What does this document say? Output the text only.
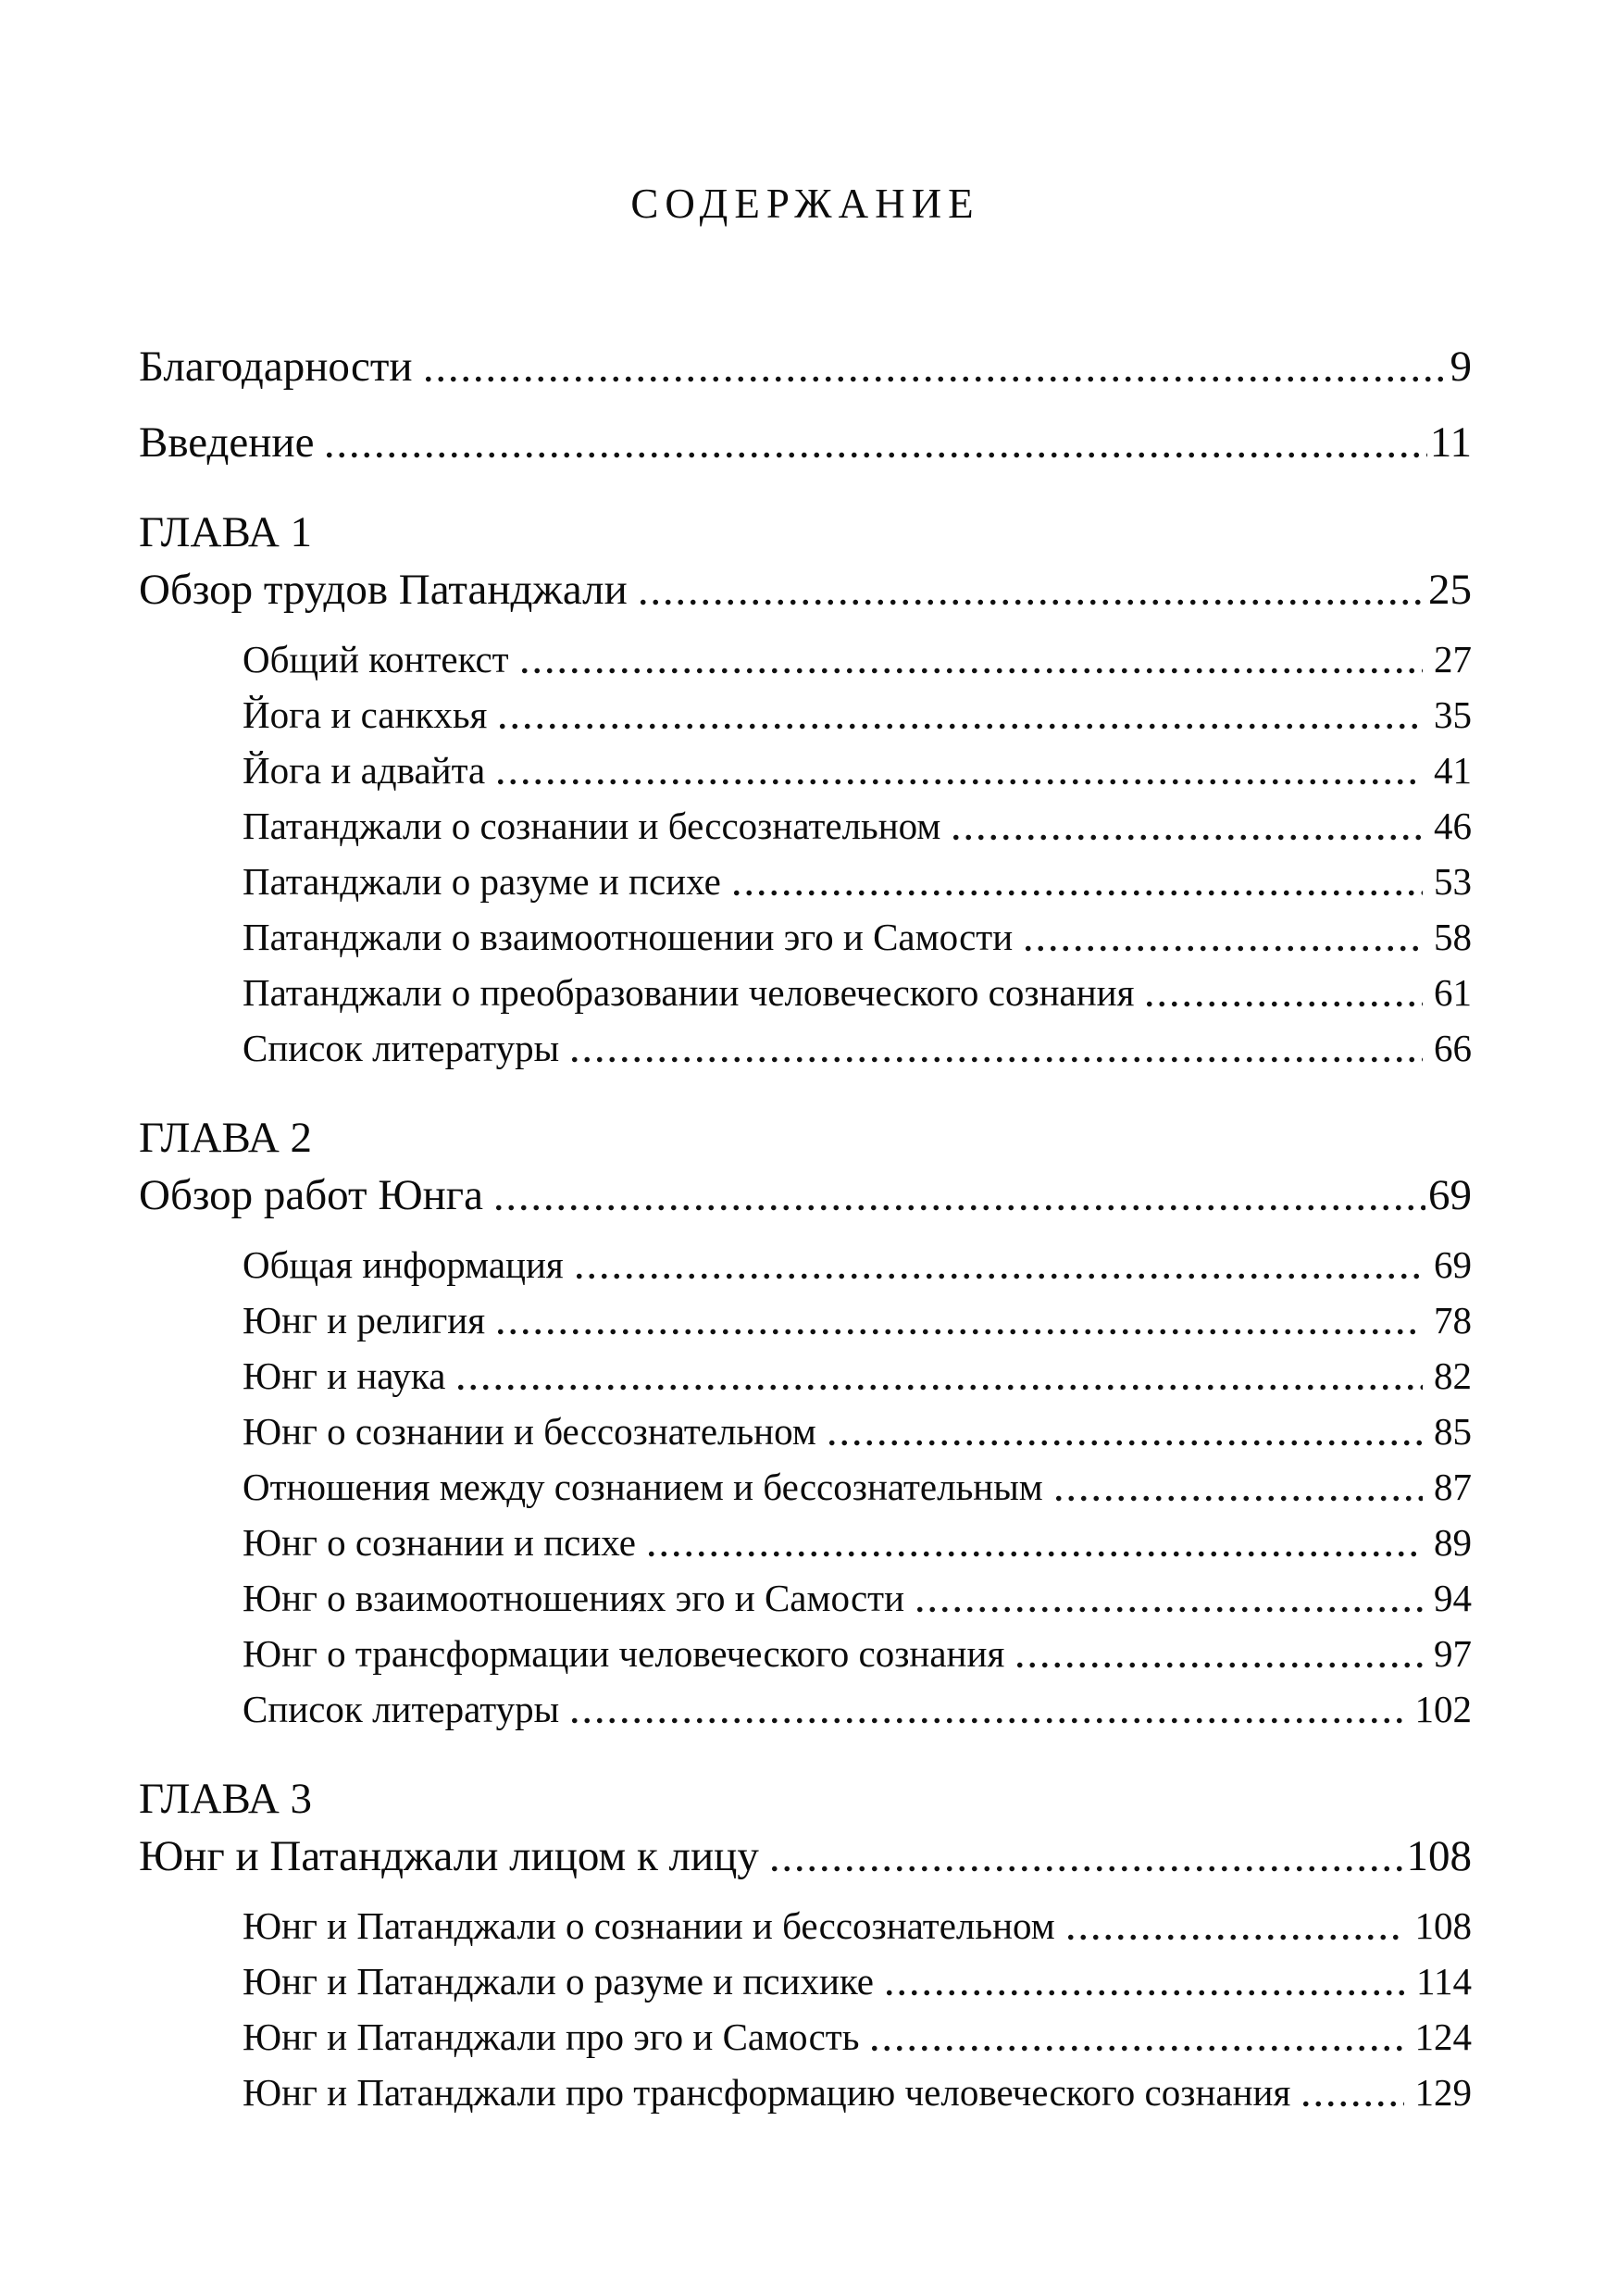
СОДЕРЖАНИЕ
Благодарности	9
Введение	11
ГЛАВА 1
Обзор трудов Патанджали	25
Общий контекст	27
Йога и санкхья	35
Йога и адвайта	41
Патанджали о сознании и бессознательном	46
Патанджали о разуме и психе	53
Патанджали о взаимоотношении эго и Самости	58
Патанджали о преобразовании человеческого сознания	61
Список литературы	66
ГЛАВА 2
Обзор работ Юнга	69
Общая информация	69
Юнг и религия	78
Юнг и наука	82
Юнг о сознании и бессознательном	85
Отношения между сознанием и бессознательным	87
Юнг о сознании и психе	89
Юнг о взаимоотношениях эго и Самости	94
Юнг о трансформации человеческого сознания	97
Список литературы	102
ГЛАВА 3
Юнг и Патанджали лицом к лицу	108
Юнг и Патанджали о сознании и бессознательном	108
Юнг и Патанджали о разуме и психике	114
Юнг и Патанджали про эго и Самость	124
Юнг и Патанджали про трансформацию человеческого сознания	129
